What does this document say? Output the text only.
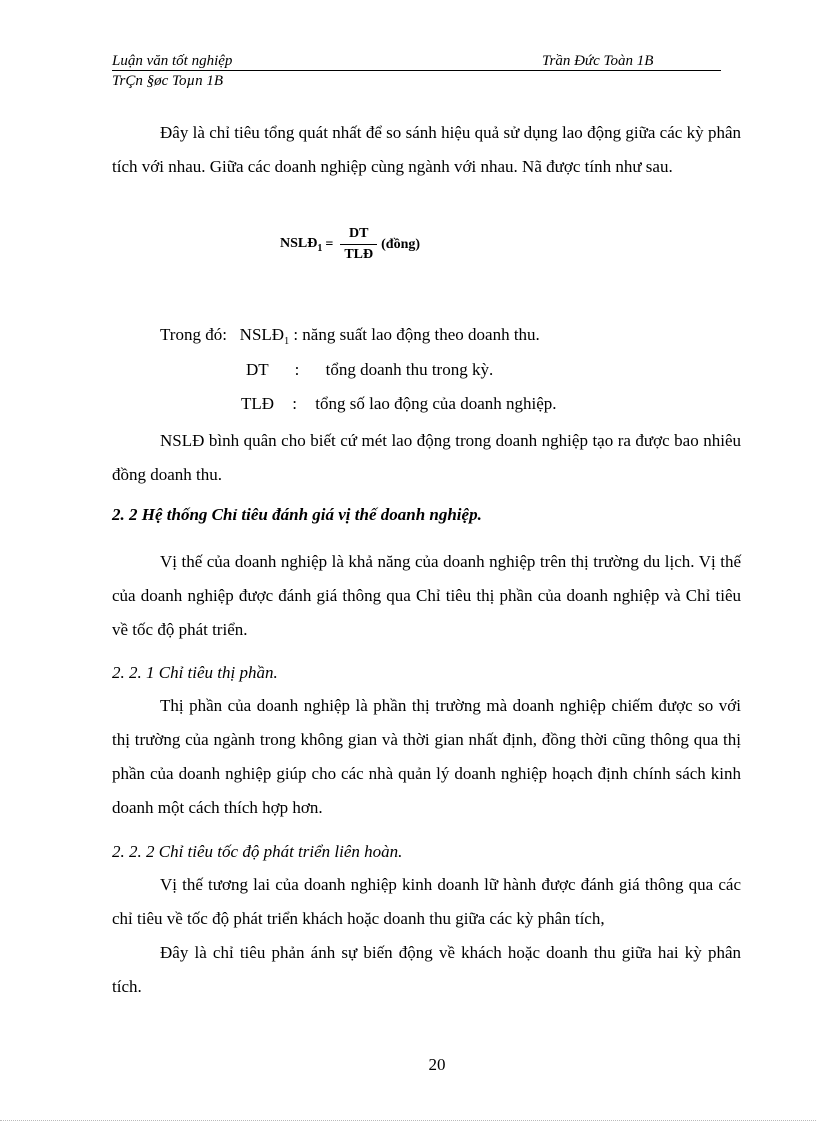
Luận văn tốt nghiệp	Trần Đức Toàn 1B
TrÇn §øc Toµn 1B
Đây là chỉ tiêu tổng quát nhất để so sánh hiệu quả sử dụng lao động giữa các kỳ phân tích với nhau. Giữa các doanh nghiệp cùng ngành với nhau. Nã được tính như sau.
$NSLĐ_1 = \frac{DT}{\text{TLĐ}}$ (đồng)
Trong đó: $NSLĐ_1$ : năng suất lao động theo doanh thu.
DT : tổng doanh thu trong kỳ.
TLĐ : tổng số lao động của doanh nghiệp.
NSLĐ bình quân cho biết cứ mét lao động trong doanh nghiệp tạo ra được bao nhiêu đồng doanh thu.
2. 2 Hệ thống Chỉ tiêu đánh giá vị thế doanh nghiệp.
Vị thế của doanh nghiệp là khả năng của doanh nghiệp trên thị trường du lịch. Vị thế của doanh nghiệp được đánh giá thông qua Chỉ tiêu thị phần của doanh nghiệp và Chỉ tiêu về tốc độ phát triển.
2. 2. 1 Chỉ tiêu thị phần.
Thị phần của doanh nghiệp là phần thị trường mà doanh nghiệp chiếm được so với thị trường của ngành trong không gian và thời gian nhất định, đồng thời cũng thông qua thị phần của doanh nghiệp giúp cho các nhà quản lý doanh nghiệp hoạch định chính sách kinh doanh một cách thích hợp hơn.
2. 2. 2 Chỉ tiêu tốc độ phát triển liên hoàn.
Vị thế tương lai của doanh nghiệp kinh doanh lữ hành được đánh giá thông qua các chỉ tiêu về tốc độ phát triển khách hoặc doanh thu giữa các kỳ phân tích,
Đây là chỉ tiêu phản ánh sự biến động về khách hoặc doanh thu giữa hai kỳ phân tích.
20
